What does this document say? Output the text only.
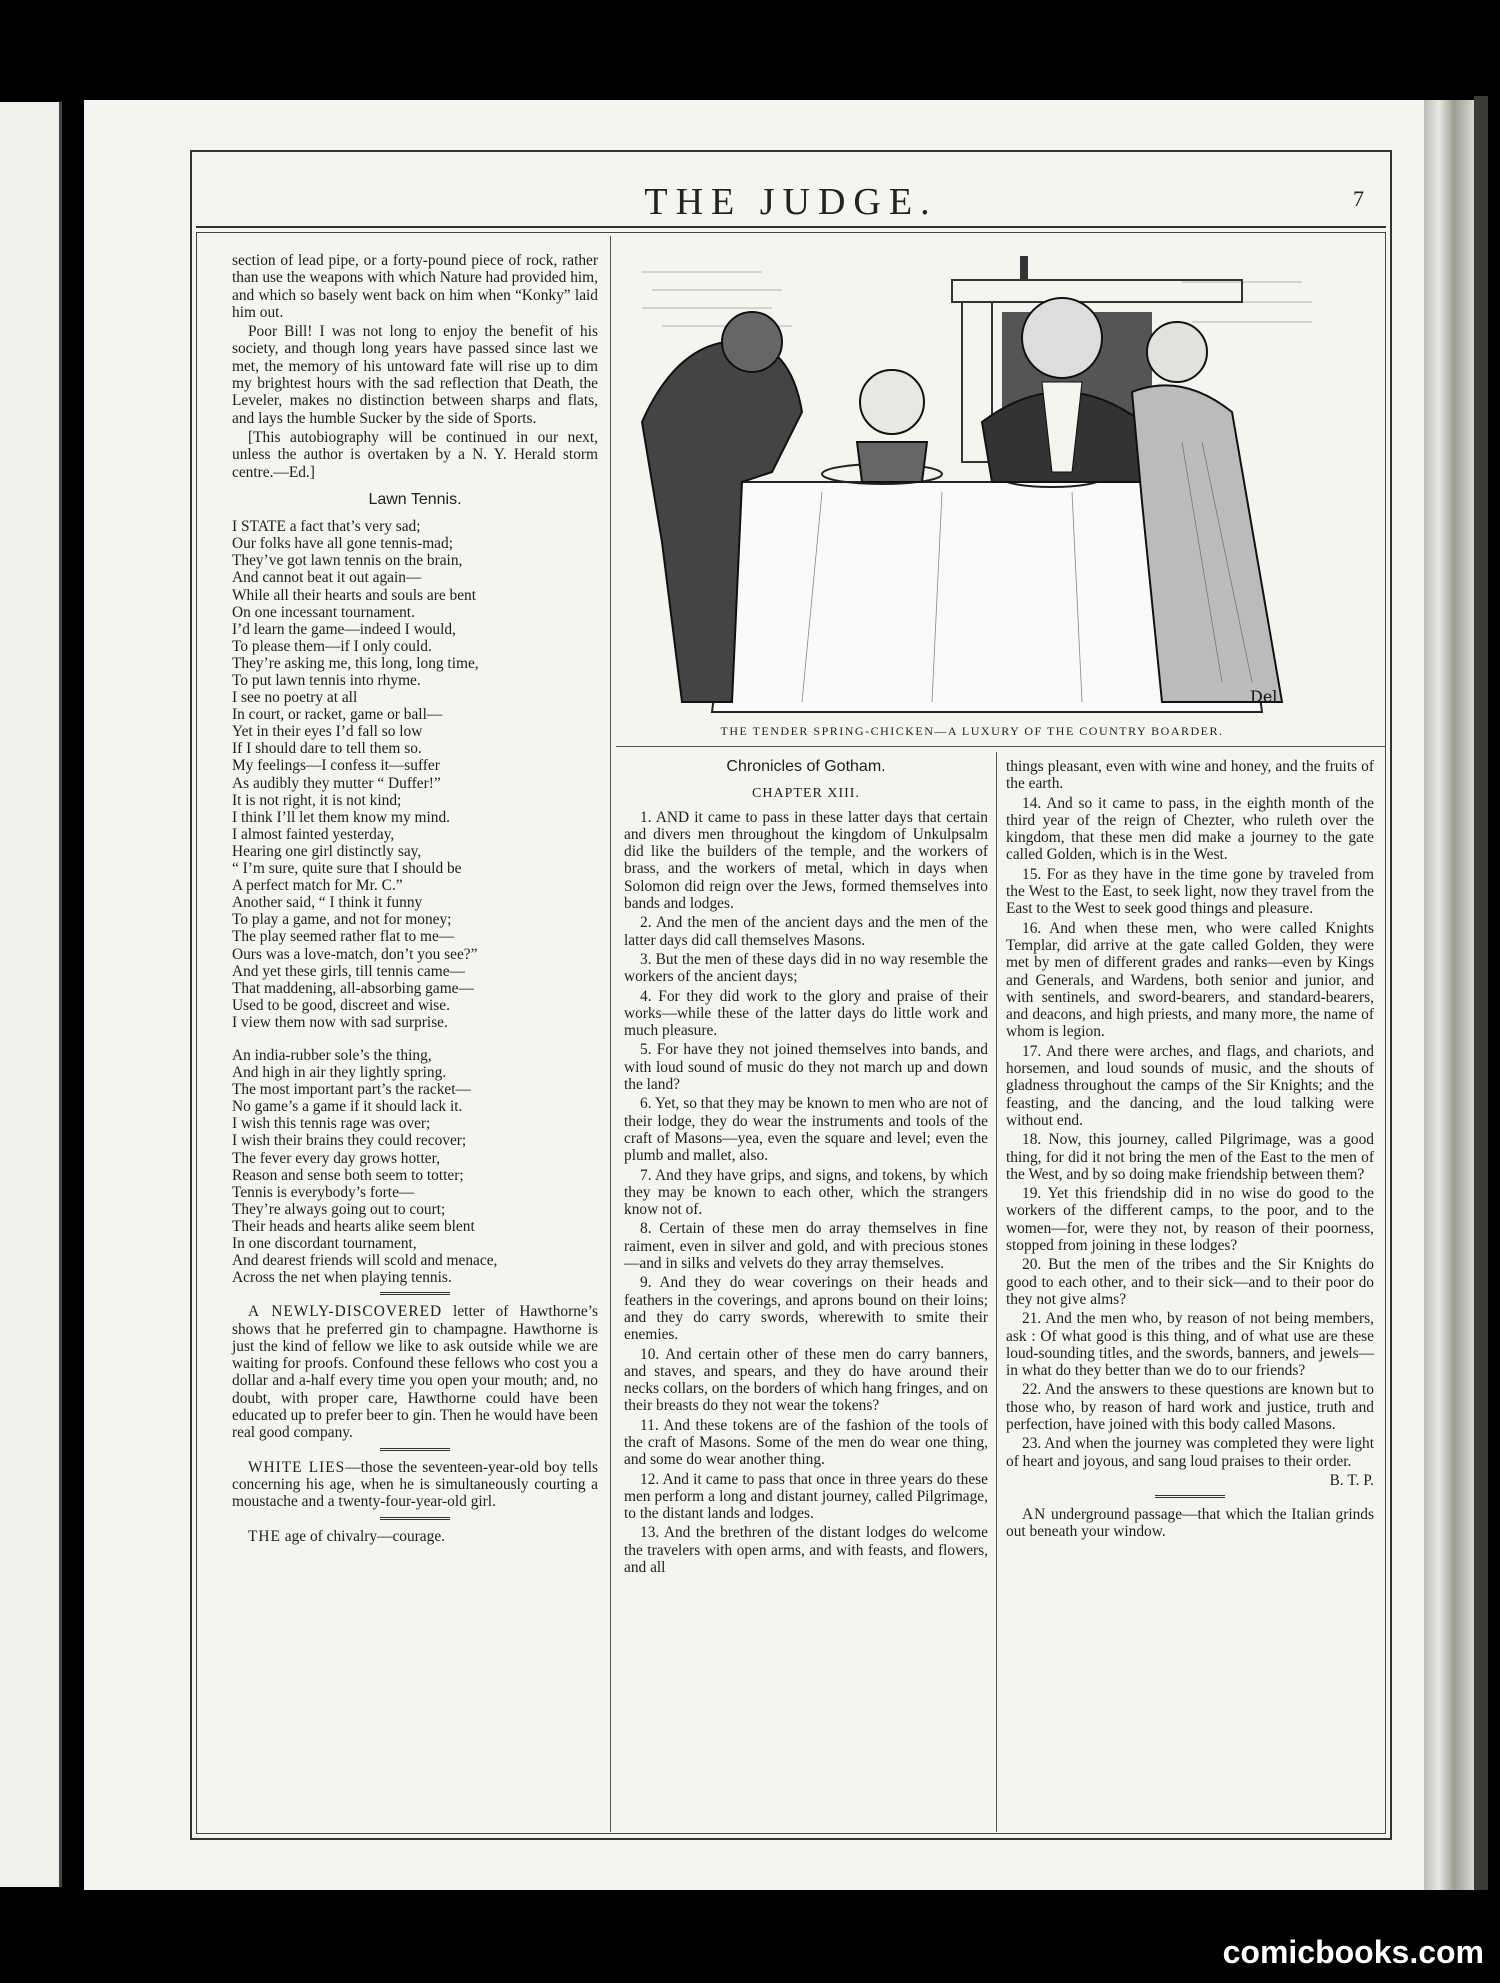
THE JUDGE.	7

section of lead pipe, or a forty-pound piece of rock, rather than use the weapons with which Nature had provided him, and which so basely went back on him when “Konky” laid him out.

Poor Bill! I was not long to enjoy the benefit of his society, and though long years have passed since last we met, the memory of his untoward fate will rise up to dim my brightest hours with the sad reflection that Death, the Leveler, makes no distinction between sharps and flats, and lays the humble Sucker by the side of Sports.

[This autobiography will be continued in our next, unless the author is overtaken by a N. Y. Herald storm centre.—Ed.]

Lawn Tennis.
I STATE a fact that’s very sad;
Our folks have all gone tennis-mad;
They’ve got lawn tennis on the brain,
And cannot beat it out again—
While all their hearts and souls are bent
On one incessant tournament.
I’d learn the game—indeed I would,
To please them—if I only could.
They’re asking me, this long, long time,
To put lawn tennis into rhyme.
I see no poetry at all
In court, or racket, game or ball—
Yet in their eyes I’d fall so low
If I should dare to tell them so.
My feelings—I confess it—suffer
As audibly they mutter “ Duffer!”
It is not right, it is not kind;
I think I’ll let them know my mind.
I almost fainted yesterday,
Hearing one girl distinctly say,
“ I’m sure, quite sure that I should be
A perfect match for Mr. C.”
Another said, “ I think it funny
To play a game, and not for money;
The play seemed rather flat to me—
Ours was a love-match, don’t you see?”
And yet these girls, till tennis came—
That maddening, all-absorbing game—
Used to be good, discreet and wise.
I view them now with sad surprise.
An india-rubber sole’s the thing,
And high in air they lightly spring.
The most important part’s the racket—
No game’s a game if it should lack it.
I wish this tennis rage was over;
I wish their brains they could recover;
The fever every day grows hotter,
Reason and sense both seem to totter;
Tennis is everybody’s forte—
They’re always going out to court;
Their heads and hearts alike seem blent
In one discordant tournament,
And dearest friends will scold and menace,
Across the net when playing tennis.

A NEWLY-DISCOVERED letter of Hawthorne’s shows that he preferred gin to champagne. Hawthorne is just the kind of fellow we like to ask outside while we are waiting for proofs. Confound these fellows who cost you a dollar and a-half every time you open your mouth; and, no doubt, with proper care, Hawthorne could have been educated up to prefer beer to gin. Then he would have been real good company.

WHITE LIES—those the seventeen-year-old boy tells concerning his age, when he is simultaneously courting a moustache and a twenty-four-year-old girl.

THE age of chivalry—courage.

Del
THE TENDER SPRING-CHICKEN—A LUXURY OF THE COUNTRY BOARDER.
Chronicles of Gotham.
CHAPTER XIII.

1. AND it came to pass in these latter days that certain and divers men throughout the kingdom of Unkulpsalm did like the builders of the temple, and the workers of brass, and the workers of metal, which in days when Solomon did reign over the Jews, formed themselves into bands and lodges.

2. And the men of the ancient days and the men of the latter days did call themselves Masons.

3. But the men of these days did in no way resemble the workers of the ancient days;

4. For they did work to the glory and praise of their works—while these of the latter days do little work and much pleasure.

5. For have they not joined themselves into bands, and with loud sound of music do they not march up and down the land?

6. Yet, so that they may be known to men who are not of their lodge, they do wear the instruments and tools of the craft of Masons—yea, even the square and level; even the plumb and mallet, also.

7. And they have grips, and signs, and tokens, by which they may be known to each other, which the strangers know not of.

8. Certain of these men do array themselves in fine raiment, even in silver and gold, and with precious stones—and in silks and velvets do they array themselves.

9. And they do wear coverings on their heads and feathers in the coverings, and aprons bound on their loins; and they do carry swords, wherewith to smite their enemies.

10. And certain other of these men do carry banners, and staves, and spears, and they do have around their necks collars, on the borders of which hang fringes, and on their breasts do they not wear the tokens?

11. And these tokens are of the fashion of the tools of the craft of Masons. Some of the men do wear one thing, and some do wear another thing.

12. And it came to pass that once in three years do these men perform a long and distant journey, called Pilgrimage, to the distant lands and lodges.

13. And the brethren of the distant lodges do welcome the travelers with open arms, and with feasts, and flowers, and all

things pleasant, even with wine and honey, and the fruits of the earth.

14. And so it came to pass, in the eighth month of the third year of the reign of Chezter, who ruleth over the kingdom, that these men did make a journey to the gate called Golden, which is in the West.

15. For as they have in the time gone by traveled from the West to the East, to seek light, now they travel from the East to the West to seek good things and pleasure.

16. And when these men, who were called Knights Templar, did arrive at the gate called Golden, they were met by men of different grades and ranks—even by Kings and Generals, and Wardens, both senior and junior, and with sentinels, and sword-bearers, and standard-bearers, and deacons, and high priests, and many more, the name of whom is legion.

17. And there were arches, and flags, and chariots, and horsemen, and loud sounds of music, and the shouts of gladness throughout the camps of the Sir Knights; and the feasting, and the dancing, and the loud talking were without end.

18. Now, this journey, called Pilgrimage, was a good thing, for did it not bring the men of the East to the men of the West, and by so doing make friendship between them?

19. Yet this friendship did in no wise do good to the workers of the different camps, to the poor, and to the women—for, were they not, by reason of their poorness, stopped from joining in these lodges?

20. But the men of the tribes and the Sir Knights do good to each other, and to their sick—and to their poor do they not give alms?

21. And the men who, by reason of not being members, ask : Of what good is this thing, and of what use are these loud-sounding titles, and the swords, banners, and jewels—in what do they better than we do to our friends?

22. And the answers to these questions are known but to those who, by reason of hard work and justice, truth and perfection, have joined with this body called Masons.

23. And when the journey was completed they were light of heart and joyous, and sang loud praises to their order.

B. T. P.

AN underground passage—that which the Italian grinds out beneath your window.

comicbooks.com
